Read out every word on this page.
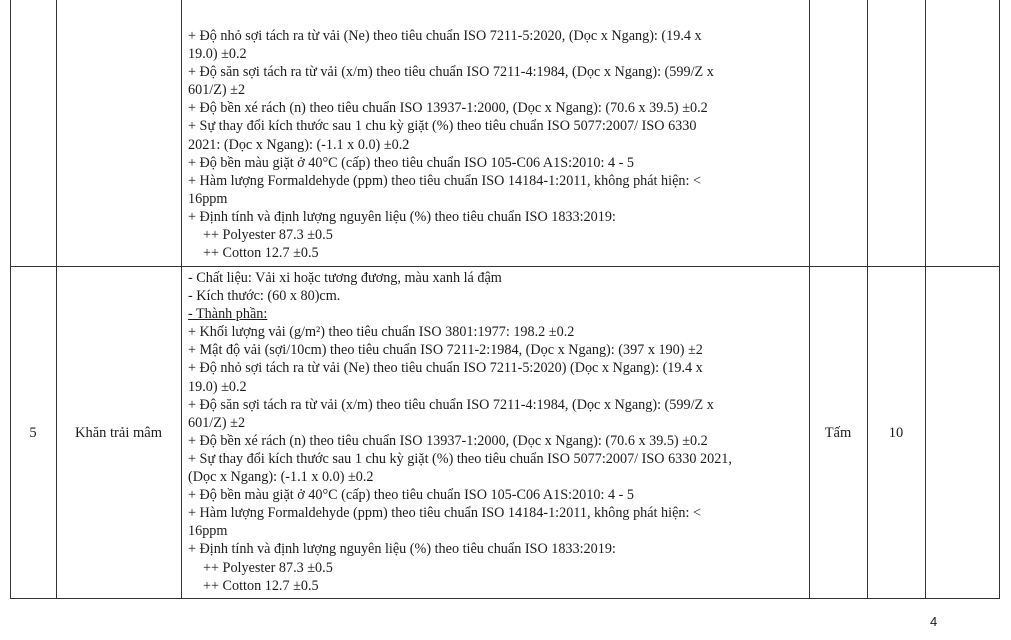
+ Độ nhỏ sợi tách ra từ vải (Ne) theo tiêu chuẩn ISO 7211-5:2020, (Dọc x Ngang): (19.4 x
19.0) ±0.2
+ Độ săn sợi tách ra từ vải (x/m) theo tiêu chuẩn ISO 7211-4:1984, (Dọc x Ngang): (599/Z x
601/Z) ±2
+ Độ bền xé rách (n) theo tiêu chuẩn ISO 13937-1:2000, (Dọc x Ngang): (70.6 x 39.5) ±0.2
+ Sự thay đổi kích thước sau 1 chu kỳ giặt (%) theo tiêu chuẩn ISO 5077:2007/ ISO 6330
2021: (Dọc x Ngang): (-1.1 x 0.0) ±0.2
+ Độ bền màu giặt ở 40°C (cấp) theo tiêu chuẩn ISO 105-C06 A1S:2010: 4 - 5
+ Hàm lượng Formaldehyde (ppm) theo tiêu chuẩn ISO 14184-1:2011, không phát hiện: <
16ppm
+ Định tính và định lượng nguyên liệu (%) theo tiêu chuẩn ISO 1833:2019:
++ Polyester 87.3 ±0.5
++ Cotton 12.7 ±0.5
5	Khăn trải mâm
- Chất liệu: Vải xi hoặc tương đương, màu xanh lá đậm
- Kích thước: (60 x 80)cm.
- Thành phần:
+ Khối lượng vải (g/m²) theo tiêu chuẩn ISO 3801:1977: 198.2 ±0.2
+ Mật độ vải (sợi/10cm) theo tiêu chuẩn ISO 7211-2:1984, (Dọc x Ngang): (397 x 190) ±2
+ Độ nhỏ sợi tách ra từ vải (Ne) theo tiêu chuẩn ISO 7211-5:2020) (Dọc x Ngang): (19.4 x
19.0) ±0.2
+ Độ săn sợi tách ra từ vải (x/m) theo tiêu chuẩn ISO 7211-4:1984, (Dọc x Ngang): (599/Z x
601/Z) ±2
+ Độ bền xé rách (n) theo tiêu chuẩn ISO 13937-1:2000, (Dọc x Ngang): (70.6 x 39.5) ±0.2
+ Sự thay đổi kích thước sau 1 chu kỳ giặt (%) theo tiêu chuẩn ISO 5077:2007/ ISO 6330 2021,
(Dọc x Ngang): (-1.1 x 0.0) ±0.2
+ Độ bền màu giặt ở 40°C (cấp) theo tiêu chuẩn ISO 105-C06 A1S:2010: 4 - 5
+ Hàm lượng Formaldehyde (ppm) theo tiêu chuẩn ISO 14184-1:2011, không phát hiện: <
16ppm
+ Định tính và định lượng nguyên liệu (%) theo tiêu chuẩn ISO 1833:2019:
++ Polyester 87.3 ±0.5
++ Cotton 12.7 ±0.5
Tấm	10
4
